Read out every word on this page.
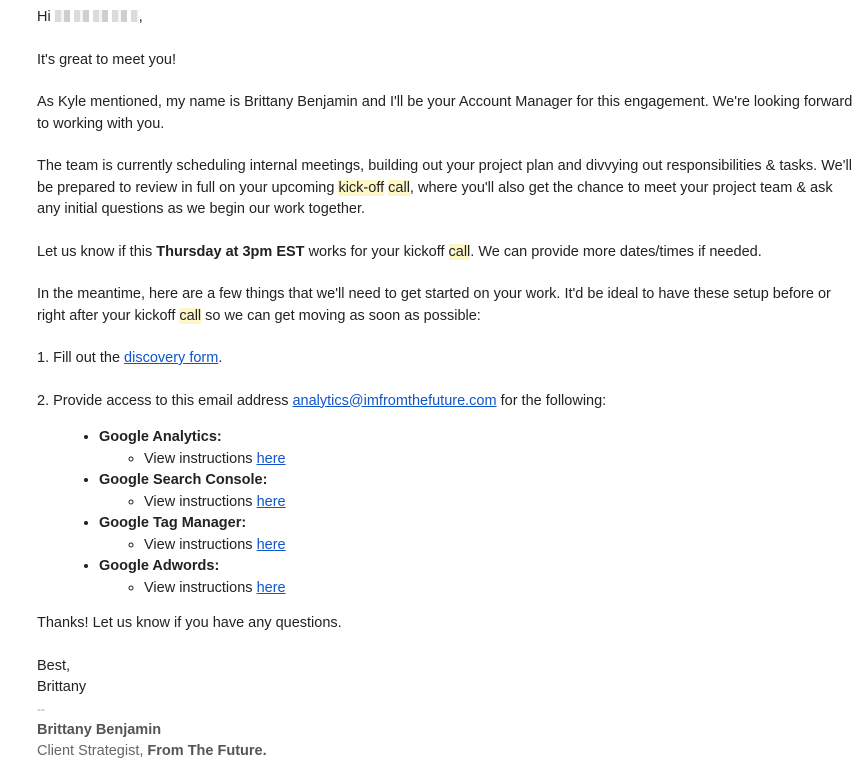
Hi	,

It's great to meet you!

As Kyle mentioned, my name is Brittany Benjamin and I'll be your Account Manager for this engagement. We're looking forward to working with you.

The team is currently scheduling internal meetings, building out your project plan and divvying out responsibilities & tasks. We'll be prepared to review in full on your upcoming kick-off call, where you'll also get the chance to meet your project team & ask any initial questions as we begin our work together.

Let us know if this Thursday at 3pm EST works for your kickoff call. We can provide more dates/times if needed.

In the meantime, here are a few things that we'll need to get started on your work. It'd be ideal to have these setup before or right after your kickoff call so we can get moving as soon as possible:

1. Fill out the discovery form.

2. Provide access to this email address analytics@imfromthefuture.com for the following:

• Google Analytics:
◦ View instructions here
• Google Search Console:
◦ View instructions here
• Google Tag Manager:
◦ View instructions here
• Google Adwords:
◦ View instructions here

Thanks! Let us know if you have any questions.

Best,
Brittany
--
Brittany Benjamin
Client Strategist, From The Future.
